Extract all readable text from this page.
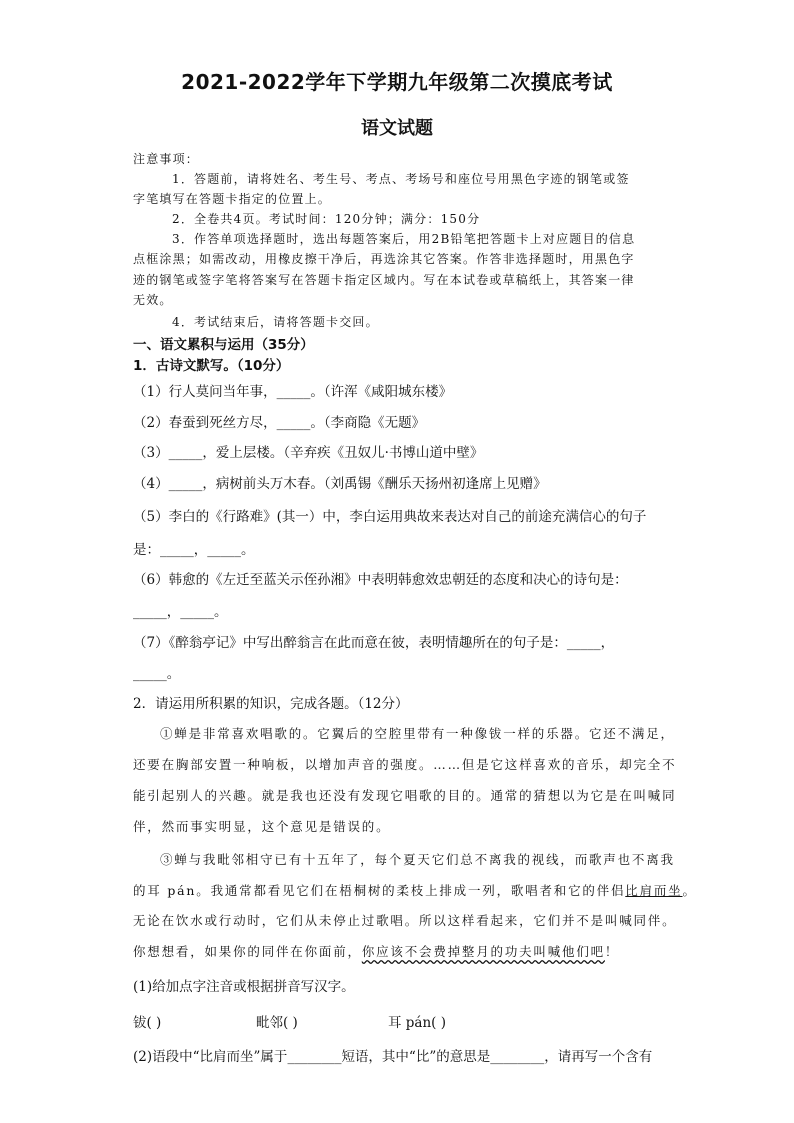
2021-2022学年下学期九年级第二次摸底考试
语文试题
注意事项：
1．答题前，请将姓名、考生号、考点、考场号和座位号用黑色字迹的钢笔或签
字笔填写在答题卡指定的位置上。
2．全卷共4页。考试时间：120分钟；满分：150分
3．作答单项选择题时，选出每题答案后，用2B铅笔把答题卡上对应题目的信息
点框涂黑；如需改动，用橡皮擦干净后，再选涂其它答案。作答非选择题时，用黑色字
迹的钢笔或签字笔将答案写在答题卡指定区域内。写在本试卷或草稿纸上，其答案一律
无效。
4．考试结束后，请将答题卡交回。
一、语文累积与运用（35分）
1．古诗文默写。（10分）
（1）行人莫问当年事，_____。（许浑《咸阳城东楼》
（2）春蚕到死丝方尽，_____。（李商隐《无题》
（3）_____，爱上层楼。（辛弃疾《丑奴儿·书博山道中壁》
（4）_____，病树前头万木春。（刘禹锡《酬乐天扬州初逢席上见赠》
（5）李白的《行路难》(其一）中，李白运用典故来表达对自己的前途充满信心的句子
是：_____，_____。
（6）韩愈的《左迁至蓝关示侄孙湘》中表明韩愈效忠朝廷的态度和决心的诗句是：
_____，_____。
（7）《醉翁亭记》中写出醉翁言在此而意在彼，表明情趣所在的句子是：_____，
_____。
2．请运用所积累的知识，完成各题。（12分）
①蝉是非常喜欢唱歌的。它翼后的空腔里带有一种像钹一样的乐器。它还不满足，
还要在胸部安置一种响板，以增加声音的强度。……但是它这样喜欢的音乐，却完全不
能引起别人的兴趣。就是我也还没有发现它唱歌的目的。通常的猜想以为它是在叫喊同
伴，然而事实明显，这个意见是错误的。
③蝉与我毗邻相守已有十五年了，每个夏天它们总不离我的视线，而歌声也不离我
的耳 pán。我通常都看见它们在梧桐树的柔枝上排成一列，歌唱者和它的伴侣比肩而坐。
无论在饮水或行动时，它们从未停止过歌唱。所以这样看起来，它们并不是叫喊同伴。
你想想看，如果你的同伴在你面前，你应该不会费掉整月的功夫叫喊他们吧！
(1)给加点字注音或根据拼音写汉字。
钹( )	毗邻( )	耳 pán( )
(2)语段中“比肩而坐”属于________短语，其中“比”的意思是________，请再写一个含有
